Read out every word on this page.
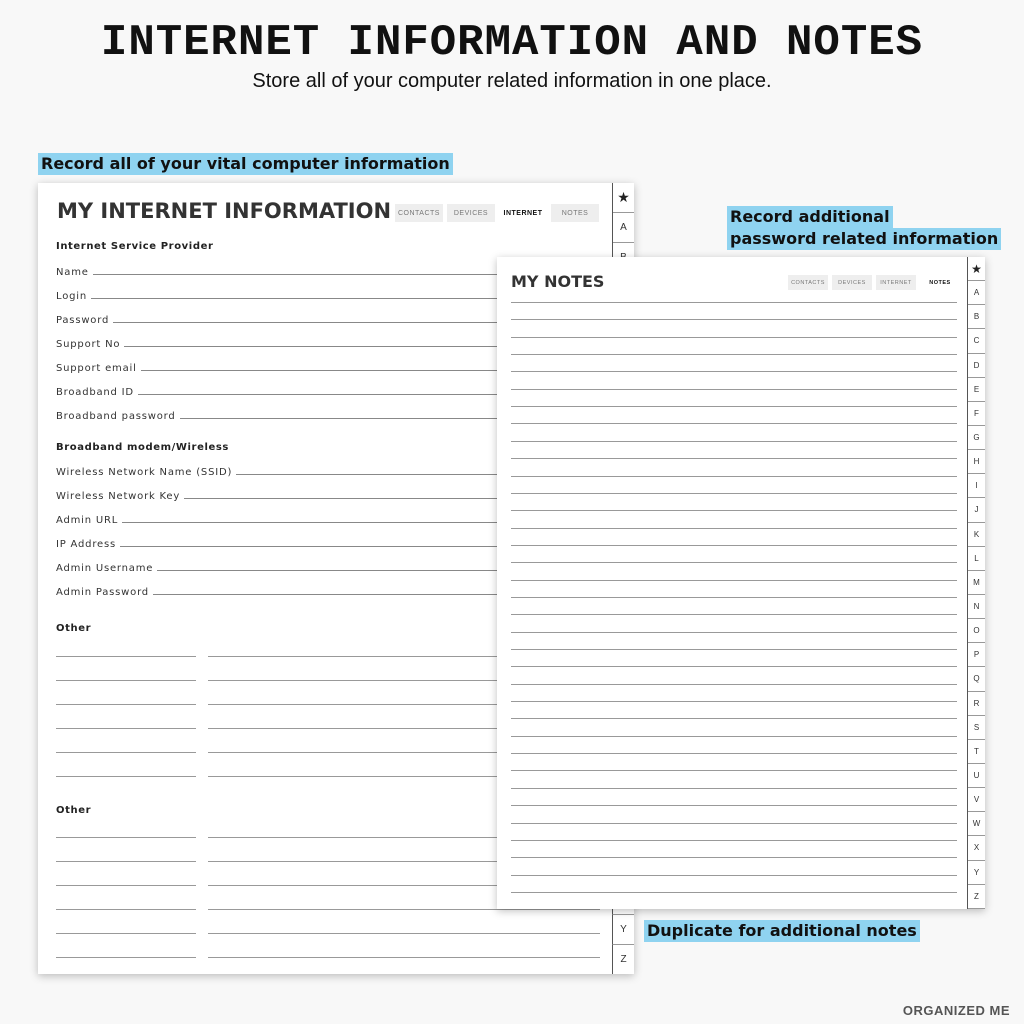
INTERNET INFORMATION AND NOTES
Store all of your computer related information in one place.
Record all of your vital computer information
Record additional
password related information
Duplicate for additional notes
ORGANIZED ME
MY INTERNET INFORMATION CONTACTS	DEVICES	INTERNET	NOTES
★
A
Y
Z
Internet Service Provider
Name
Login
Password
Support No
Support email
Broadband ID
Broadband password
Broadband modem/Wireless
Wireless Network Name (SSID)
Wireless Network Key
Admin URL
IP Address
Admin Username
Admin Password
Other
Other
MY NOTES	CONTACTS	DEVICES	INTERNET	NOTES
★
A
B
C
D
E
F
G
H
I
J
K
L
M
N
O
P
Q
R
S
T
U
V
W
X
Y
Z
